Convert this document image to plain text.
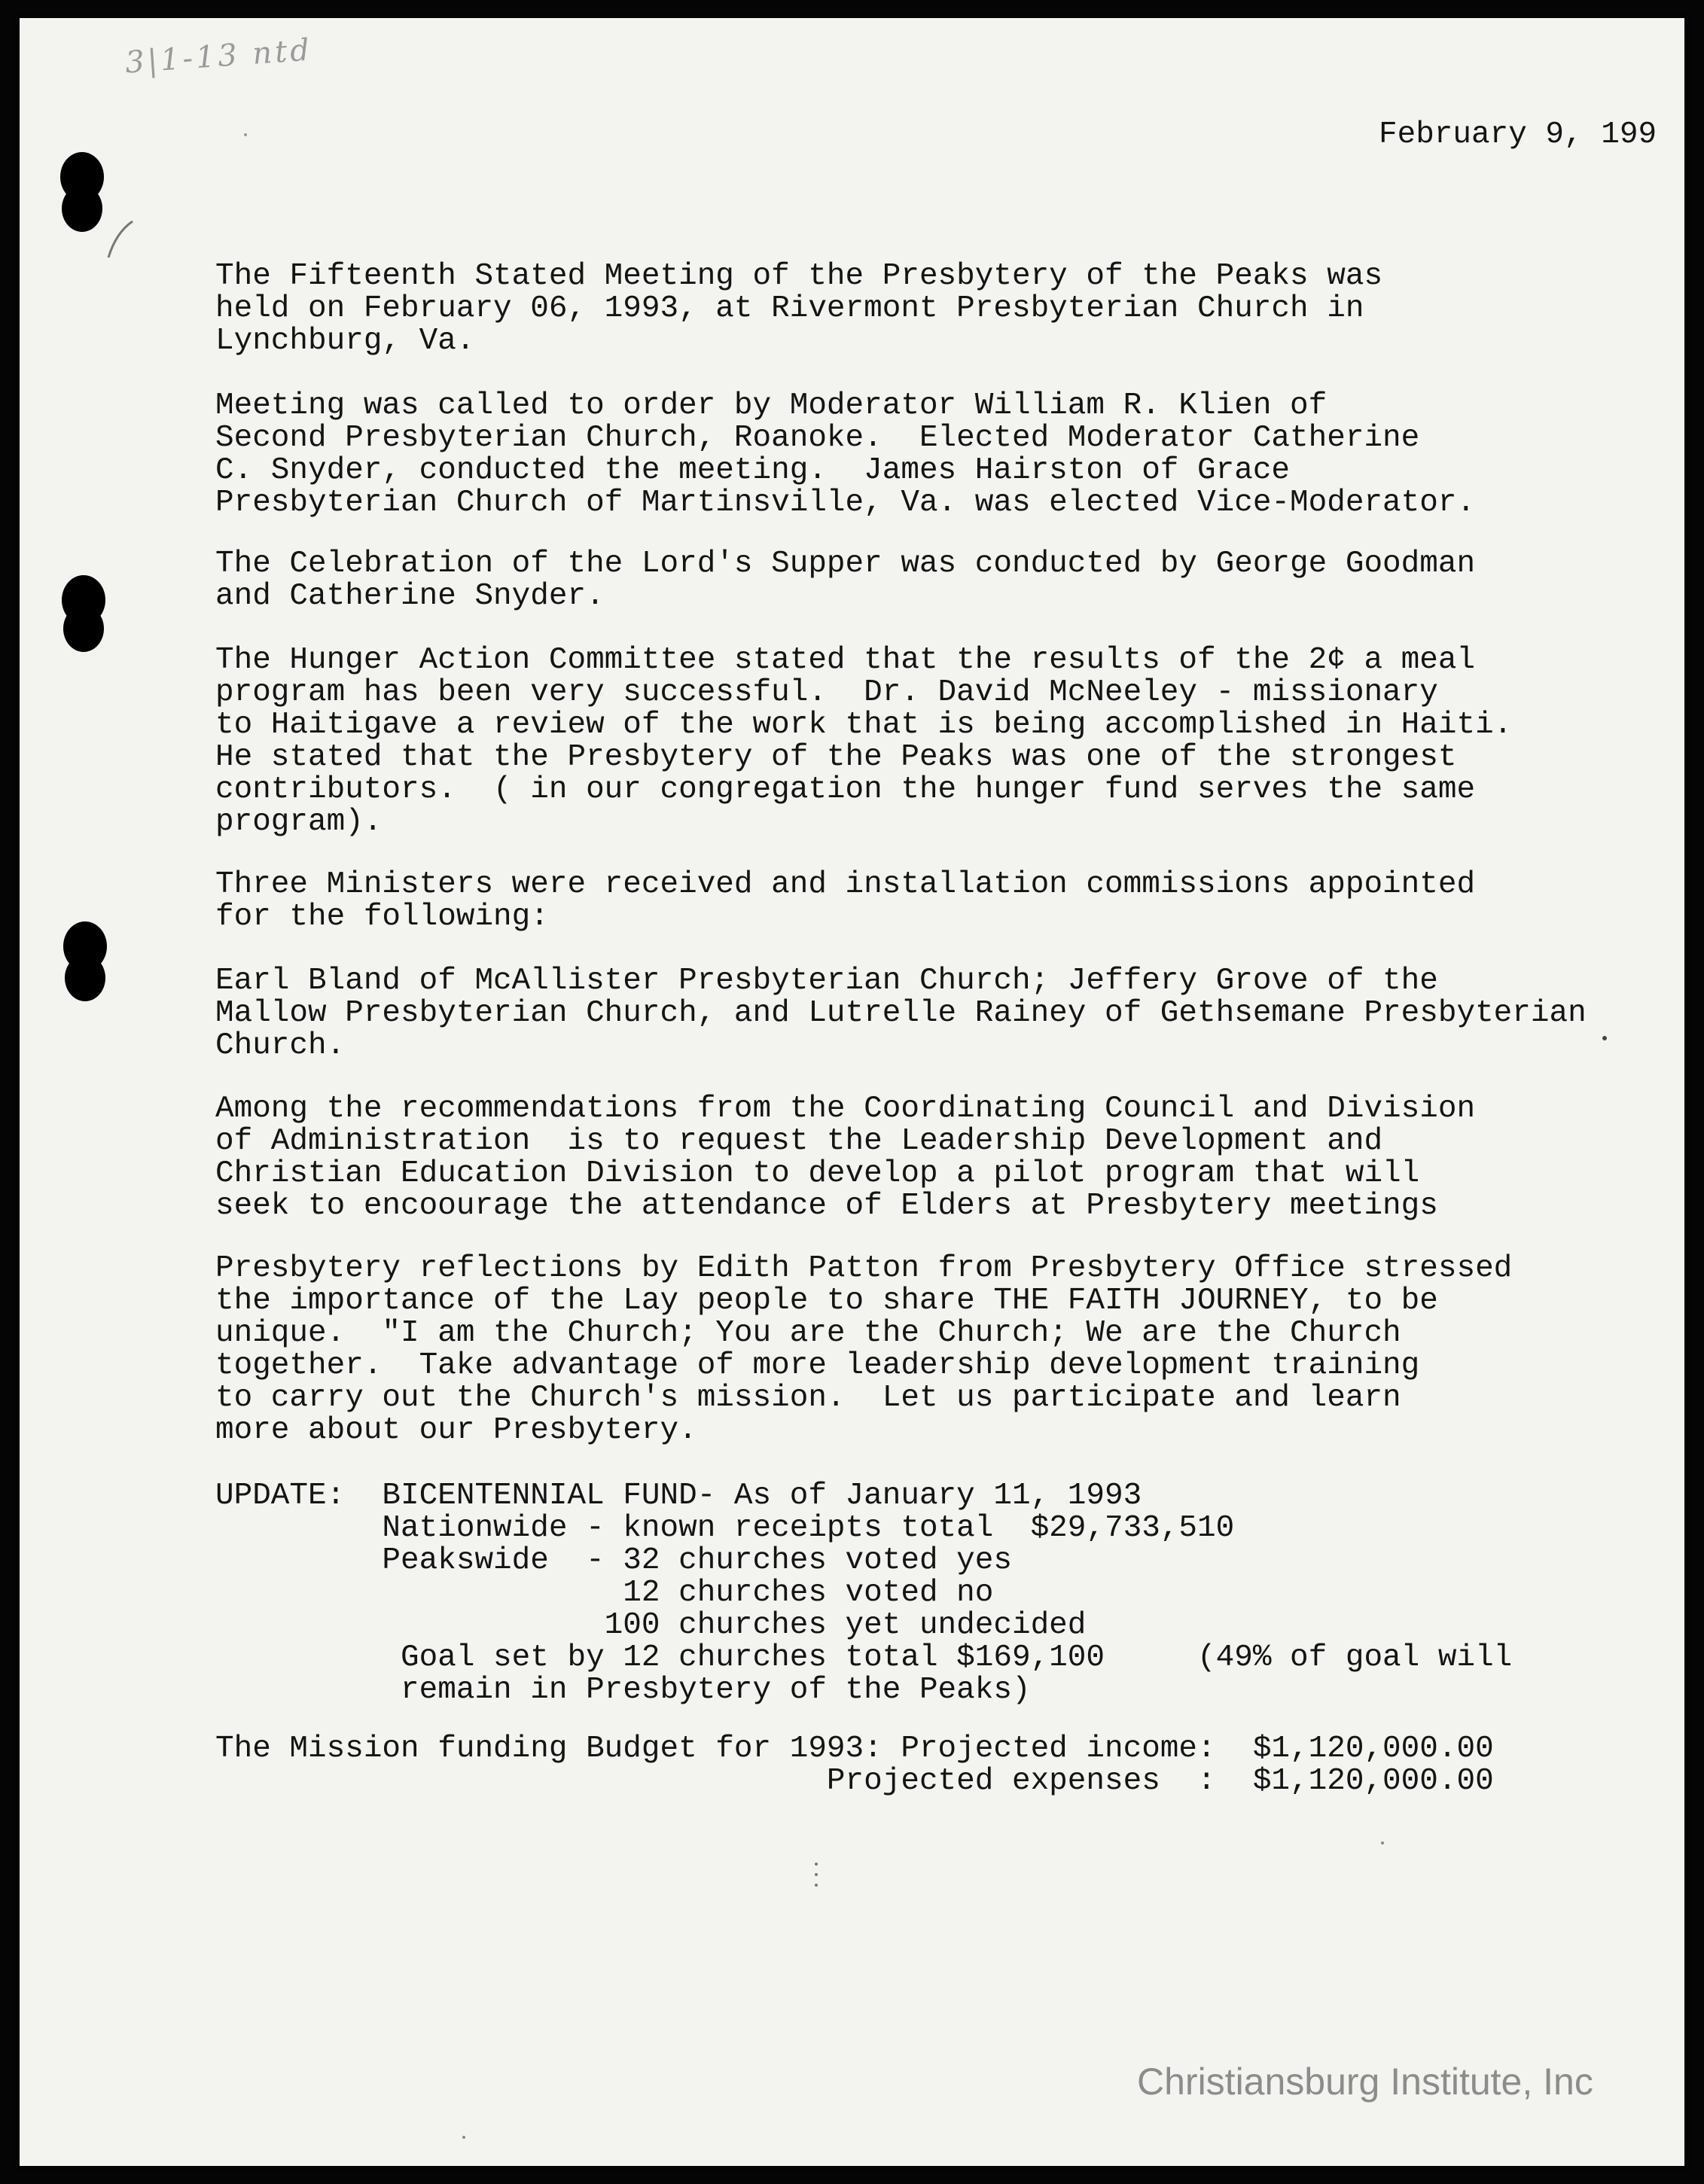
3|1-13 ntd
February 9, 199

The Fifteenth Stated Meeting of the Presbytery of the Peaks was
held on February 06, 1993, at Rivermont Presbyterian Church in
Lynchburg, Va.

Meeting was called to order by Moderator William R. Klien of
Second Presbyterian Church, Roanoke.  Elected Moderator Catherine
C. Snyder, conducted the meeting.  James Hairston of Grace
Presbyterian Church of Martinsville, Va. was elected Vice-Moderator.

The Celebration of the Lord's Supper was conducted by George Goodman
and Catherine Snyder.

The Hunger Action Committee stated that the results of the 2¢ a meal
program has been very successful.  Dr. David McNeeley - missionary
to Haitigave a review of the work that is being accomplished in Haiti.
He stated that the Presbytery of the Peaks was one of the strongest
contributors.  ( in our congregation the hunger fund serves the same
program).

Three Ministers were received and installation commissions appointed
for the following:

Earl Bland of McAllister Presbyterian Church; Jeffery Grove of the
Mallow Presbyterian Church, and Lutrelle Rainey of Gethsemane Presbyterian
Church.

Among the recommendations from the Coordinating Council and Division
of Administration  is to request the Leadership Development and
Christian Education Division to develop a pilot program that will
seek to encoourage the attendance of Elders at Presbytery meetings

Presbytery reflections by Edith Patton from Presbytery Office stressed
the importance of the Lay people to share THE FAITH JOURNEY, to be
unique.  "I am the Church; You are the Church; We are the Church
together.  Take advantage of more leadership development training
to carry out the Church's mission.  Let us participate and learn
more about our Presbytery.

UPDATE:  BICENTENNIAL FUND- As of January 11, 1993
Nationwide - known receipts total  $29,733,510
Peakswide  - 32 churches voted yes
12 churches voted no
100 churches yet undecided
Goal set by 12 churches total $169,100     (49% of goal will
remain in Presbytery of the Peaks)

The Mission funding Budget for 1993: Projected income:  $1,120,000.00
Projected expenses  :  $1,120,000.00

Christiansburg Institute, Inc
